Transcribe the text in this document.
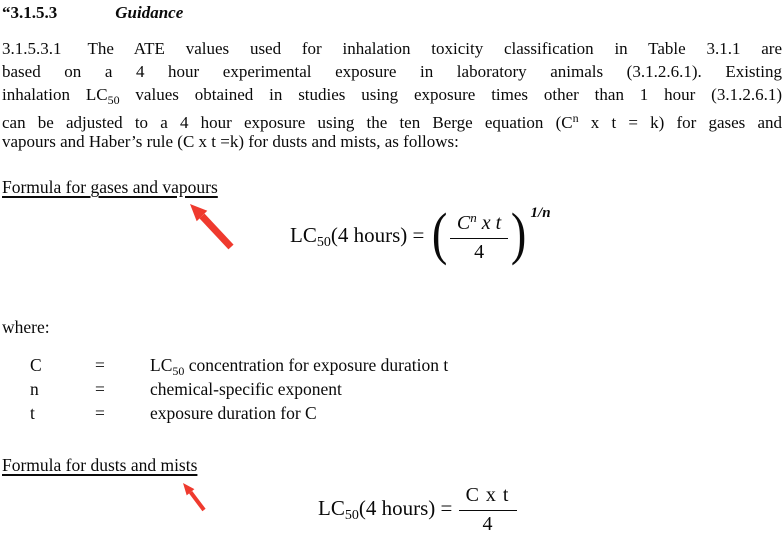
“3.1.5.3	Guidance
3.1.5.3.1 The ATE values used for inhalation toxicity classification in Table 3.1.1 are
based on a 4 hour experimental exposure in laboratory animals (3.1.2.6.1). Existing
inhalation $LC_{50}$ values obtained in studies using exposure times other than 1 hour (3.1.2.6.1)
can be adjusted to a 4 hour exposure using the ten Berge equation ($C^n$ x t = k) for gases and
vapours and Haber’s rule (C x t =k) for dusts and mists, as follows:
Formula for gases and vapours
$LC_{50}(4$ hours) = ( $\frac{C^n x t}{4}$ ) $^{1/n}$
where:
C	=	$LC_{50}$ concentration for exposure duration t
n	=	chemical-specific exponent
t	=	exposure duration for C
Formula for dusts and mists
$LC_{50}(4$ hours) = $\frac{\text{C x t}}{4}$
